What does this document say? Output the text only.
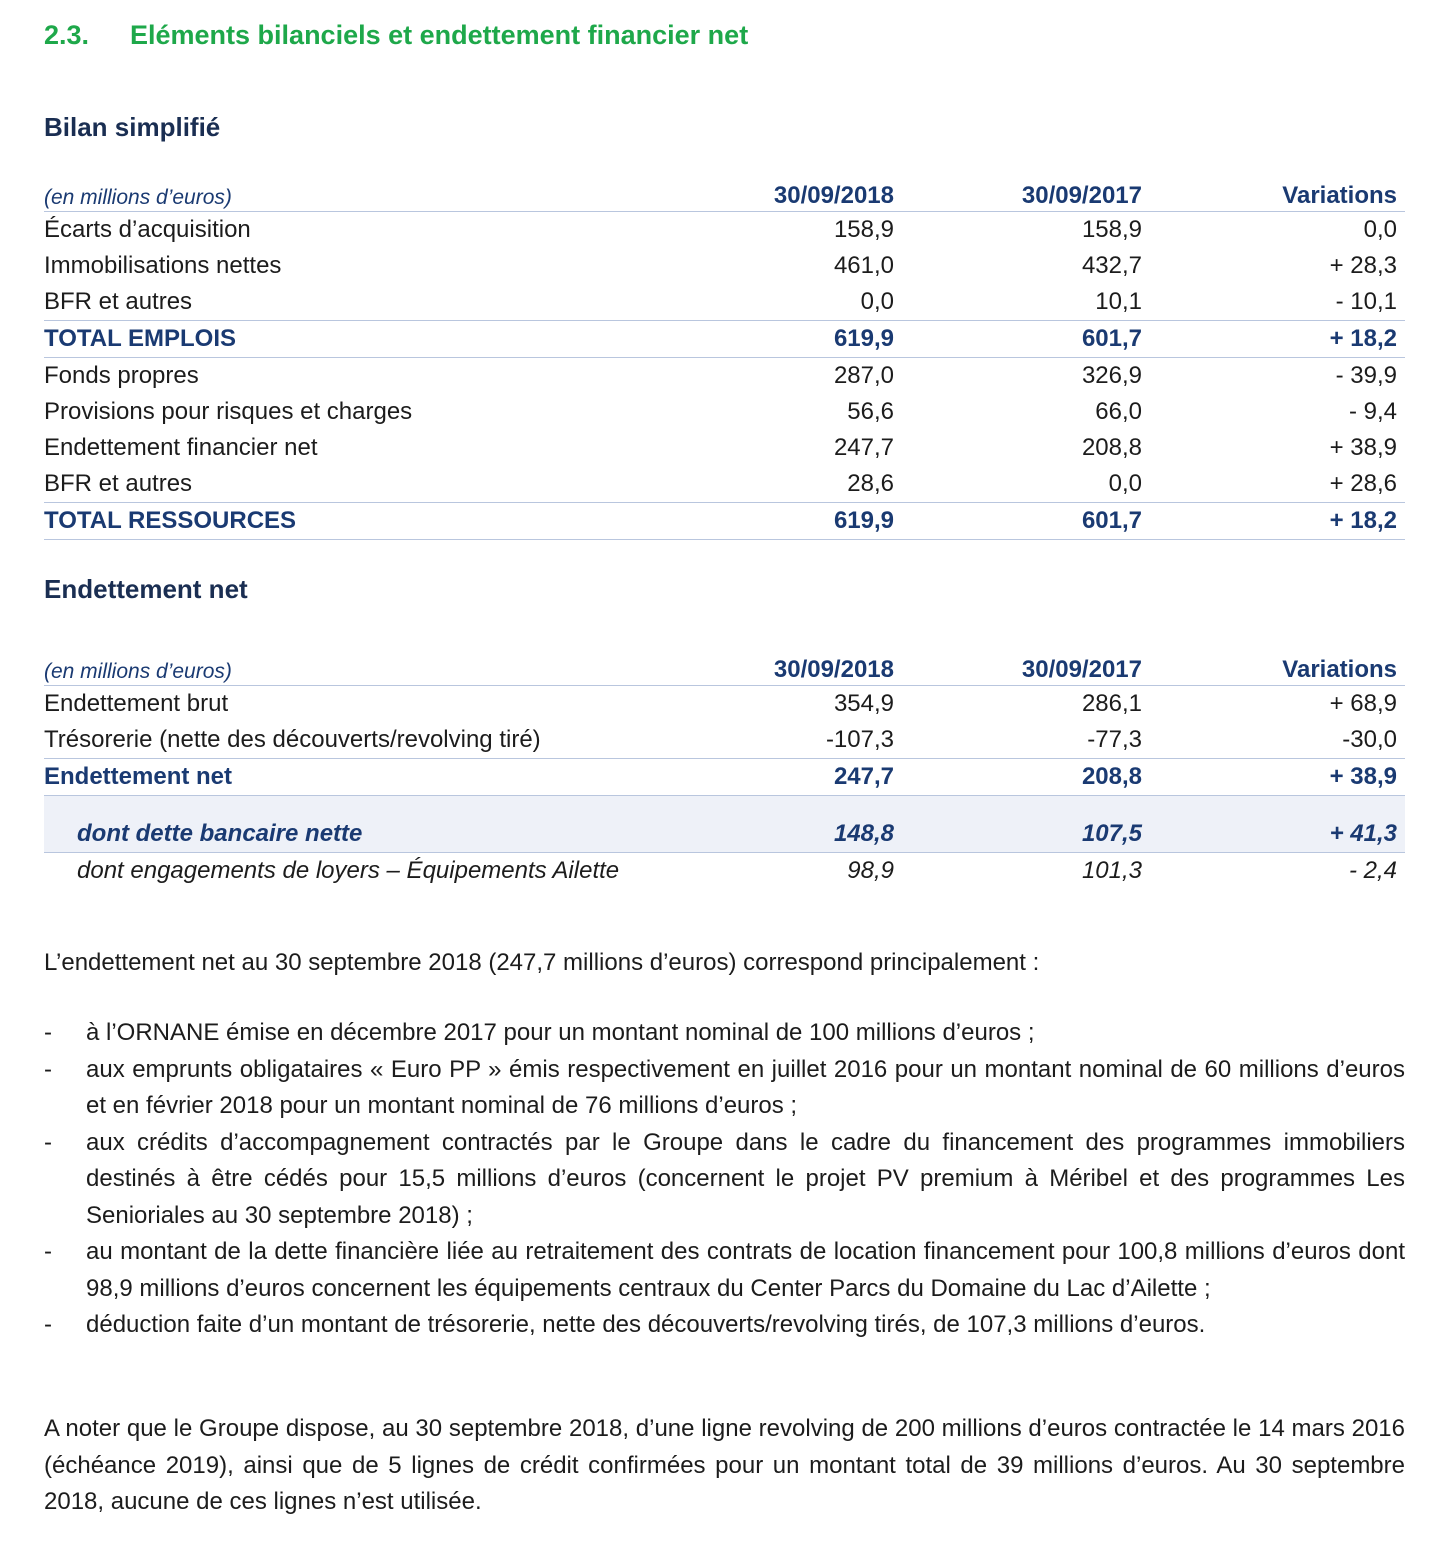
2.3. Eléments bilanciels et endettement financier net
Bilan simplifié
(en millions d’euros)	30/09/2018	30/09/2017	Variations
Écarts d’acquisition	158,9	158,9	0,0
Immobilisations nettes	461,0	432,7	+ 28,3
BFR et autres	0,0	10,1	- 10,1
TOTAL EMPLOIS	619,9	601,7	+ 18,2
Fonds propres	287,0	326,9	- 39,9
Provisions pour risques et charges	56,6	66,0	- 9,4
Endettement financier net	247,7	208,8	+ 38,9
BFR et autres	28,6	0,0	+ 28,6
TOTAL RESSOURCES	619,9	601,7	+ 18,2
Endettement net
(en millions d’euros)	30/09/2018	30/09/2017	Variations
Endettement brut	354,9	286,1	+ 68,9
Trésorerie (nette des découverts/revolving tiré)	-107,3	-77,3	-30,0
Endettement net	247,7	208,8	+ 38,9

dont dette bancaire nette	148,8	107,5	+ 41,3
dont engagements de loyers – Équipements Ailette	98,9	101,3	- 2,4

L’endettement net au 30 septembre 2018 (247,7 millions d’euros) correspond principalement :

- à l’ORNANE émise en décembre 2017 pour un montant nominal de 100 millions d’euros ;
- aux emprunts obligataires « Euro PP » émis respectivement en juillet 2016 pour un montant nominal de 60 millions d’euros et en février 2018 pour un montant nominal de 76 millions d’euros ;
- aux crédits d’accompagnement contractés par le Groupe dans le cadre du financement des programmes immobiliers destinés à être cédés pour 15,5 millions d’euros (concernent le projet PV premium à Méribel et des programmes Les Senioriales au 30 septembre 2018) ;
- au montant de la dette financière liée au retraitement des contrats de location financement pour 100,8 millions d’euros dont 98,9 millions d’euros concernent les équipements centraux du Center Parcs du Domaine du Lac d’Ailette ;
- déduction faite d’un montant de trésorerie, nette des découverts/revolving tirés, de 107,3 millions d’euros.

A noter que le Groupe dispose, au 30 septembre 2018, d’une ligne revolving de 200 millions d’euros contractée le 14 mars 2016 (échéance 2019), ainsi que de 5 lignes de crédit confirmées pour un montant total de 39 millions d’euros. Au 30 septembre 2018, aucune de ces lignes n’est utilisée.
